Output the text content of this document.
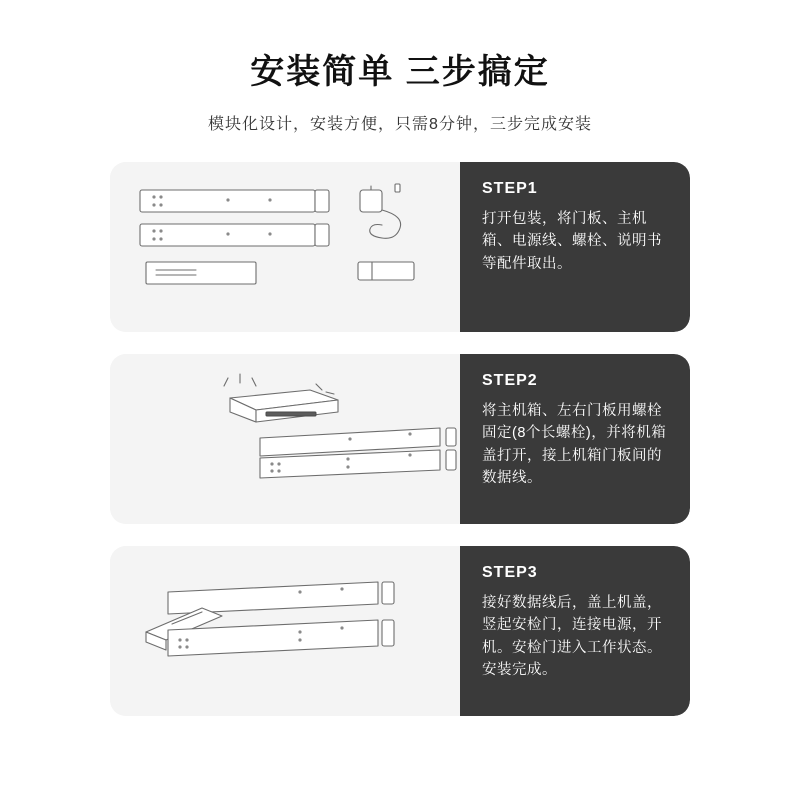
安装简单 三步搞定
模块化设计，安装方便，只需8分钟，三步完成安装
STEP1
打开包装，将门板、主机箱、电源线、螺栓、说明书等配件取出。
STEP2
将主机箱、左右门板用螺栓固定(8个长螺栓)，并将机箱盖打开，接上机箱门板间的数据线。
STEP3
接好数据线后，盖上机盖，竖起安检门，连接电源，开机。安检门进入工作状态。安装完成。
